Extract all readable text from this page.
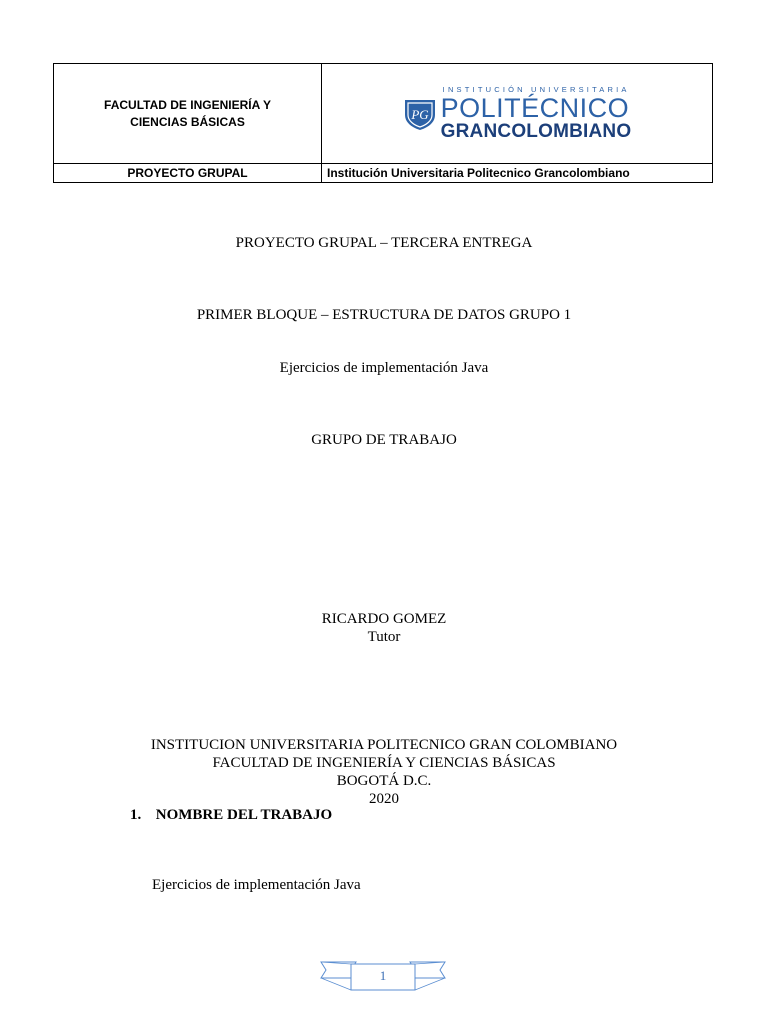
FACULTAD DE INGENIERÍA Y CIENCIAS BÁSICAS	PG
INSTITUCIÓN UNIVERSITARIA
POLITÉCNICO
GRANCOLOMBIANO

PROYECTO GRUPAL	Institución Universitaria Politecnico Grancolombiano
PROYECTO GRUPAL – TERCERA ENTREGA
PRIMER BLOQUE – ESTRUCTURA DE DATOS GRUPO 1
Ejercicios de implementación Java
GRUPO DE TRABAJO
RICARDO GOMEZ
Tutor
INSTITUCION UNIVERSITARIA POLITECNICO GRAN COLOMBIANO
FACULTAD DE INGENIERÍA Y CIENCIAS BÁSICAS
BOGOTÁ D.C.
2020
1. NOMBRE DEL TRABAJO
Ejercicios de implementación Java
1
